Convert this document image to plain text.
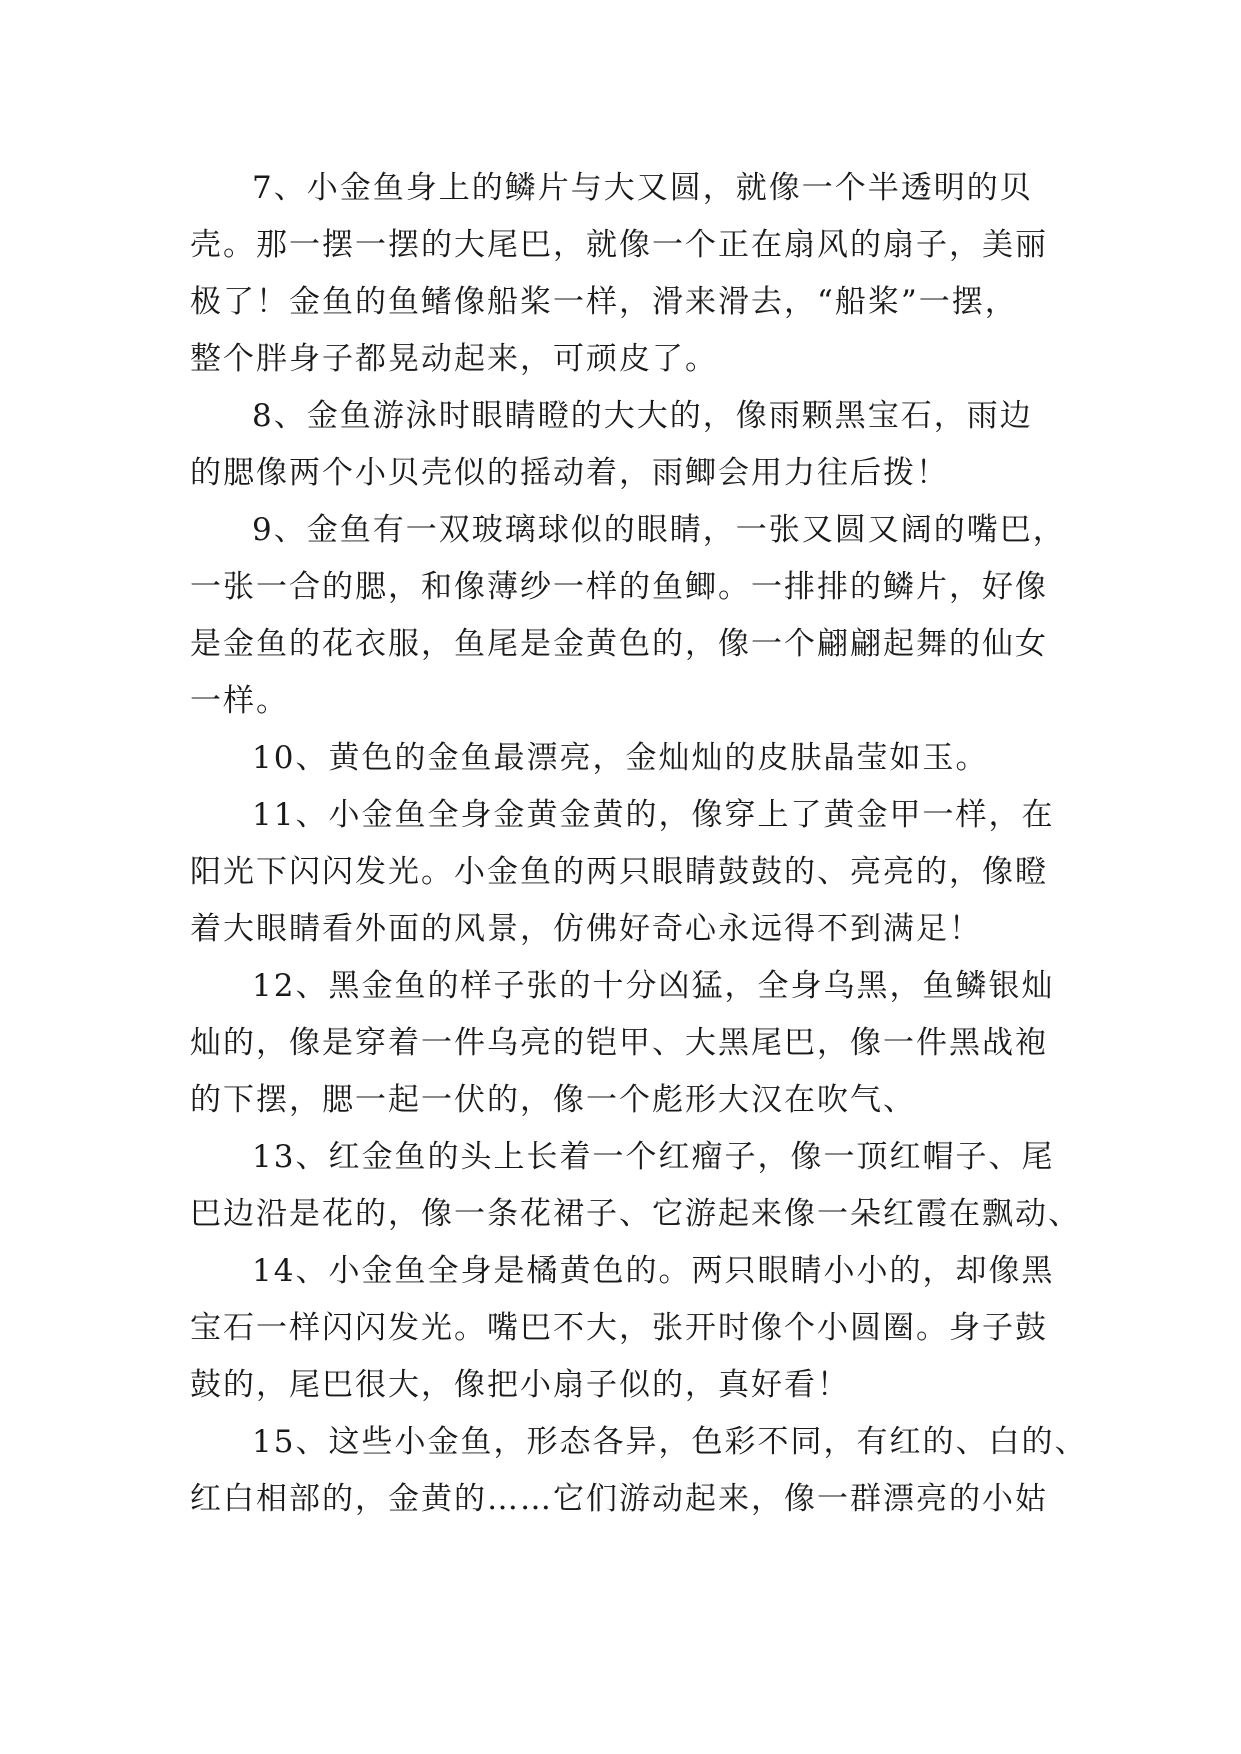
7、小金鱼身上的鳞片与大又圆，就像一个半透明的贝
壳。那一摆一摆的大尾巴，就像一个正在扇风的扇子，美丽
极了！金鱼的鱼鳍像船桨一样，滑来滑去，“船桨”一摆，
整个胖身子都晃动起来，可顽皮了。
8、金鱼游泳时眼睛瞪的大大的，像雨颗黑宝石，雨边
的腮像两个小贝壳似的摇动着，雨鲫会用力往后拨！
9、金鱼有一双玻璃球似的眼睛，一张又圆又阔的嘴巴，
一张一合的腮，和像薄纱一样的鱼鲫。一排排的鳞片，好像
是金鱼的花衣服，鱼尾是金黄色的，像一个翩翩起舞的仙女
一样。
10、黄色的金鱼最漂亮，金灿灿的皮肤晶莹如玉。
11、小金鱼全身金黄金黄的，像穿上了黄金甲一样，在
阳光下闪闪发光。小金鱼的两只眼睛鼓鼓的、亮亮的，像瞪
着大眼睛看外面的风景，仿佛好奇心永远得不到满足！
12、黑金鱼的样子张的十分凶猛，全身乌黑，鱼鳞银灿
灿的，像是穿着一件乌亮的铠甲、大黑尾巴，像一件黑战袍
的下摆，腮一起一伏的，像一个彪形大汉在吹气、
13、红金鱼的头上长着一个红瘤子，像一顶红帽子、尾
巴边沿是花的，像一条花裙子、它游起来像一朵红霞在飘动、
14、小金鱼全身是橘黄色的。两只眼睛小小的，却像黑
宝石一样闪闪发光。嘴巴不大，张开时像个小圆圈。身子鼓
鼓的，尾巴很大，像把小扇子似的，真好看！
15、这些小金鱼，形态各异，色彩不同，有红的、白的、
红白相部的，金黄的……它们游动起来，像一群漂亮的小姑
